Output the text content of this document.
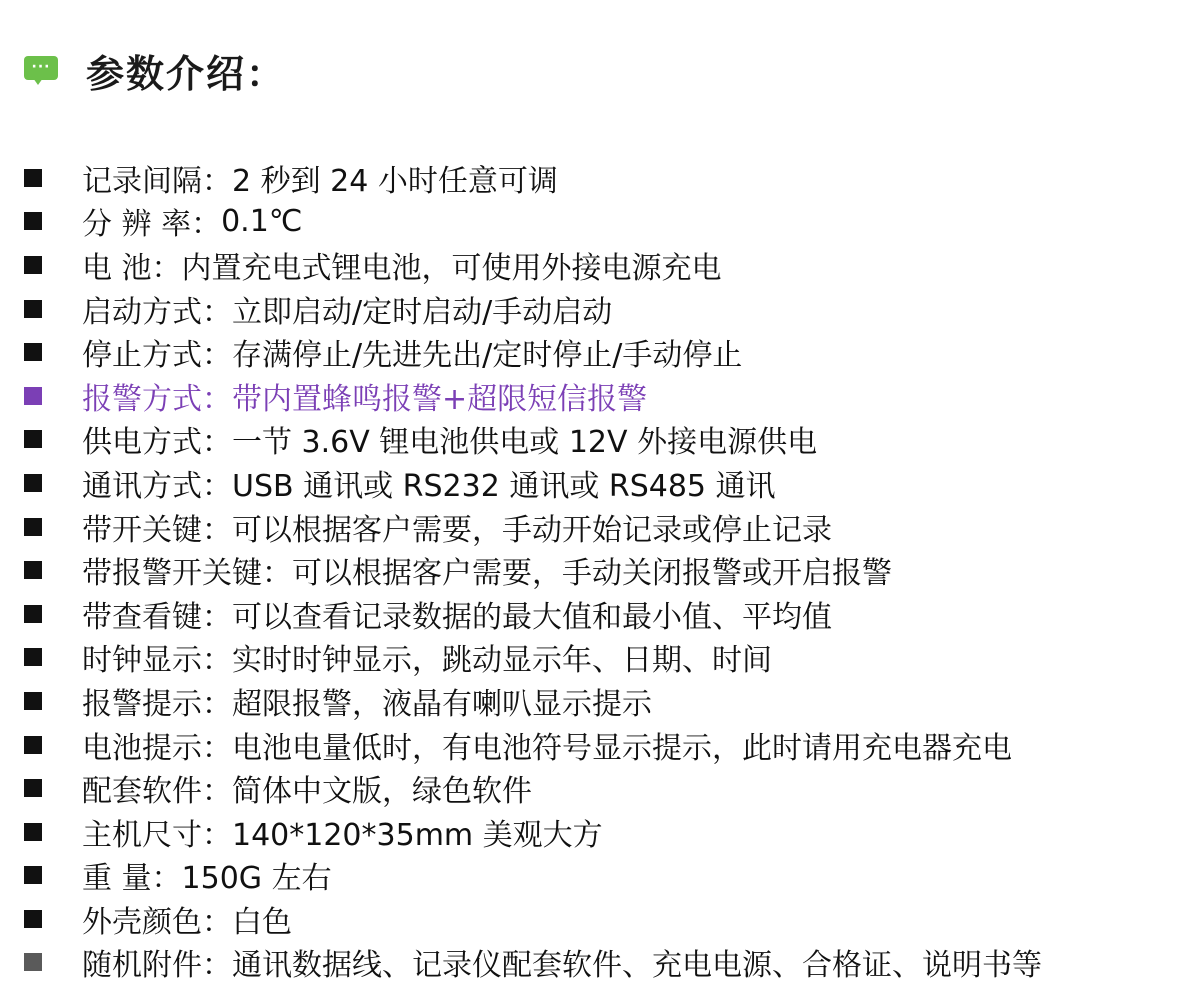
··· 参数介绍：
记录间隔： 2 秒到 24 小时任意可调
分 辨 率： 0.1℃
电 池： 内置充电式锂电池，可使用外接电源充电
启动方式： 立即启动/定时启动/手动启动
停止方式： 存满停止/先进先出/定时停止/手动停止
报警方式： 带内置蜂鸣报警+超限短信报警
供电方式： 一节 3.6V 锂电池供电或 12V 外接电源供电
通讯方式： USB 通讯或 RS232 通讯或 RS485 通讯
带开关键： 可以根据客户需要，手动开始记录或停止记录
带报警开关键： 可以根据客户需要，手动关闭报警或开启报警
带查看键： 可以查看记录数据的最大值和最小值、平均值
时钟显示： 实时时钟显示，跳动显示年、日期、时间
报警提示： 超限报警，液晶有喇叭显示提示
电池提示： 电池电量低时，有电池符号显示提示，此时请用充电器充电
配套软件： 简体中文版，绿色软件
主机尺寸： 140*120*35mm 美观大方
重 量： 150G 左右
外壳颜色： 白色
随机附件： 通讯数据线、记录仪配套软件、充电电源、合格证、说明书等
